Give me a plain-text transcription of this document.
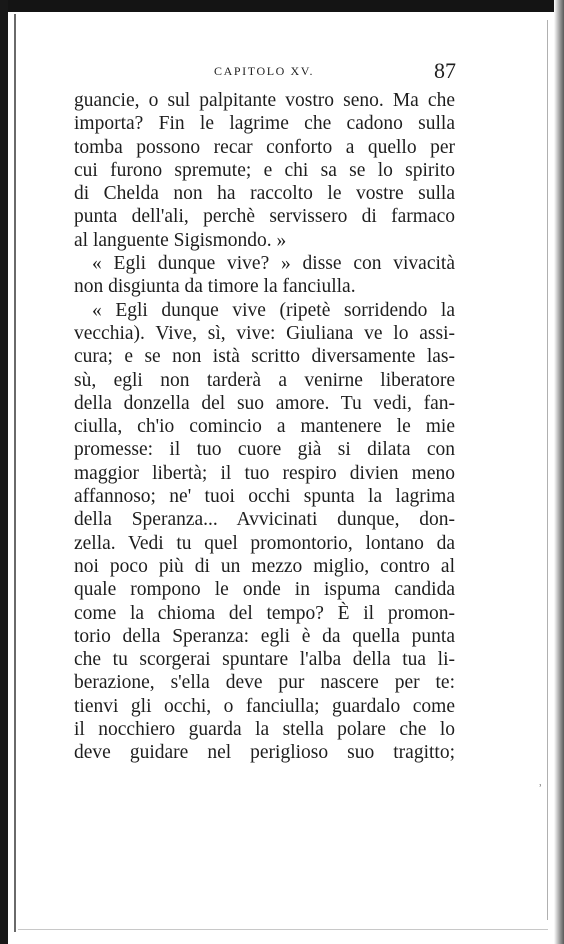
CAPITOLO XV.	87
guancie, o sul palpitante vostro seno. Ma che
importa? Fin le lagrime che cadono sulla
tomba possono recar conforto a quello per
cui furono spremute; e chi sa se lo spirito
di Chelda non ha raccolto le vostre sulla
punta dell'ali, perchè servissero di farmaco
al languente Sigismondo. »
« Egli dunque vive? » disse con vivacità
non disgiunta da timore la fanciulla.
« Egli dunque vive (ripetè sorridendo la
vecchia). Vive, sì, vive: Giuliana ve lo assi-
cura; e se non istà scritto diversamente las-
sù, egli non tarderà a venirne liberatore
della donzella del suo amore. Tu vedi, fan-
ciulla, ch'io comincio a mantenere le mie
promesse: il tuo cuore già si dilata con
maggior libertà; il tuo respiro divien meno
affannoso; ne' tuoi occhi spunta la lagrima
della Speranza... Avvicinati dunque, don-
zella. Vedi tu quel promontorio, lontano da
noi poco più di un mezzo miglio, contro al
quale rompono le onde in ispuma candida
come la chioma del tempo? È il promon-
torio della Speranza: egli è da quella punta
che tu scorgerai spuntare l'alba della tua li-
berazione, s'ella deve pur nascere per te:
tienvi gli occhi, o fanciulla; guardalo come
il nocchiero guarda la stella polare che lo
deve guidare nel periglioso suo tragitto;
ʾ
